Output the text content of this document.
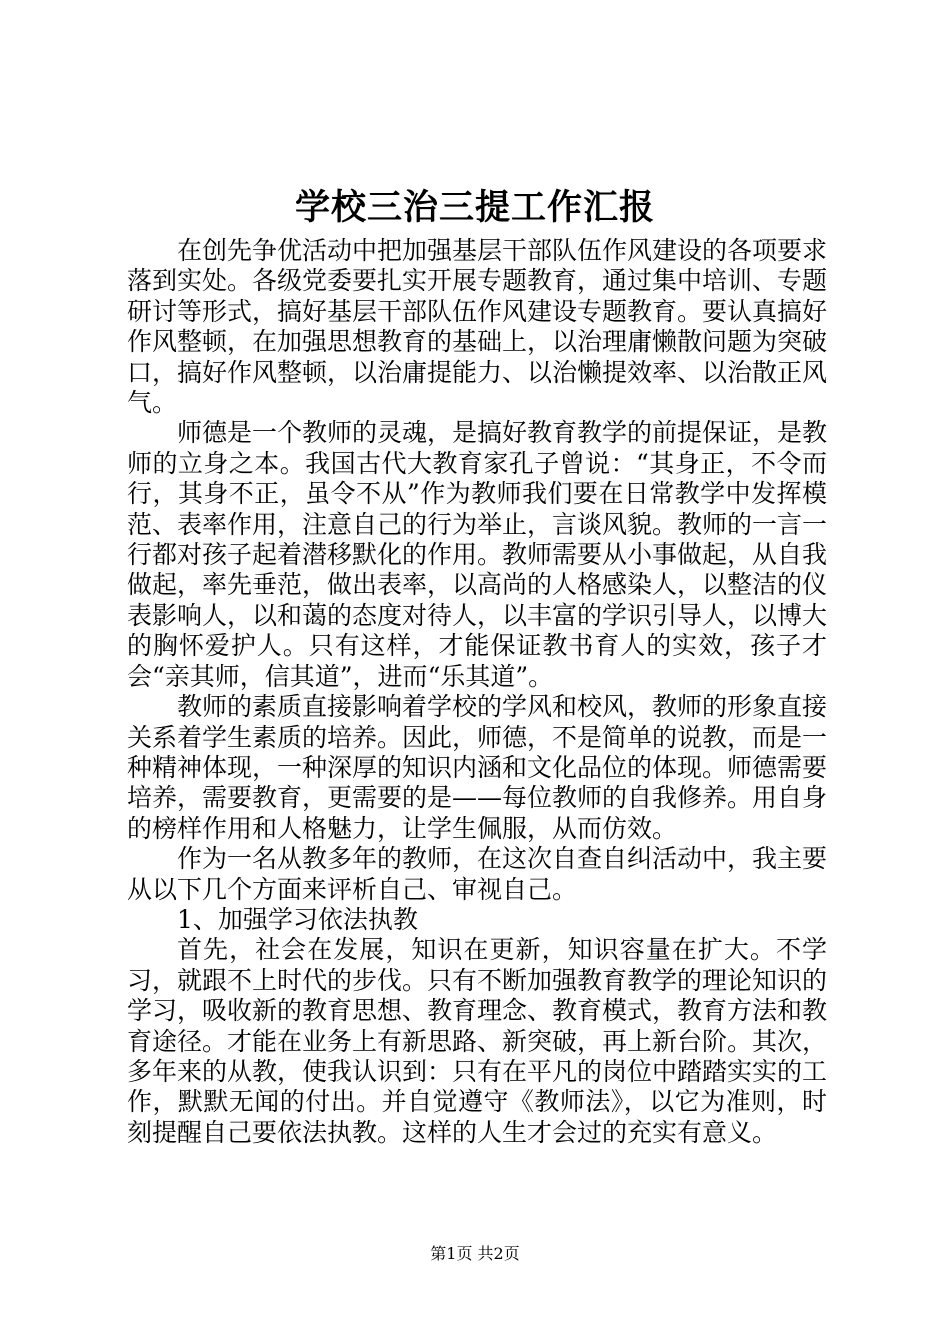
学校三治三提工作汇报

在创先争优活动中把加强基层干部队伍作风建设的各项要求落到实处。各级党委要扎实开展专题教育，通过集中培训、专题研讨等形式，搞好基层干部队伍作风建设专题教育。要认真搞好作风整顿，在加强思想教育的基础上，以治理庸懒散问题为突破口，搞好作风整顿，以治庸提能力、以治懒提效率、以治散正风气。

师德是一个教师的灵魂，是搞好教育教学的前提保证，是教师的立身之本。我国古代大教育家孔子曾说：“其身正，不令而行，其身不正，虽令不从”作为教师我们要在日常教学中发挥模范、表率作用，注意自己的行为举止，言谈风貌。教师的一言一行都对孩子起着潜移默化的作用。教师需要从小事做起，从自我做起，率先垂范，做出表率，以高尚的人格感染人，以整洁的仪表影响人，以和蔼的态度对待人，以丰富的学识引导人，以博大的胸怀爱护人。只有这样，才能保证教书育人的实效，孩子才会“亲其师，信其道”，进而“乐其道”。

教师的素质直接影响着学校的学风和校风，教师的形象直接关系着学生素质的培养。因此，师德，不是简单的说教，而是一种精神体现，一种深厚的知识内涵和文化品位的体现。师德需要培养，需要教育，更需要的是——每位教师的自我修养。用自身的榜样作用和人格魅力，让学生佩服，从而仿效。

作为一名从教多年的教师，在这次自查自纠活动中，我主要从以下几个方面来评析自己、审视自己。

1、加强学习依法执教

首先，社会在发展，知识在更新，知识容量在扩大。不学习，就跟不上时代的步伐。只有不断加强教育教学的理论知识的学习，吸收新的教育思想、教育理念、教育模式，教育方法和教育途径。才能在业务上有新思路、新突破，再上新台阶。其次，多年来的从教，使我认识到：只有在平凡的岗位中踏踏实实的工作，默默无闻的付出。并自觉遵守《教师法》，以它为准则，时刻提醒自己要依法执教。这样的人生才会过的充实有意义。

第1页 共2页
